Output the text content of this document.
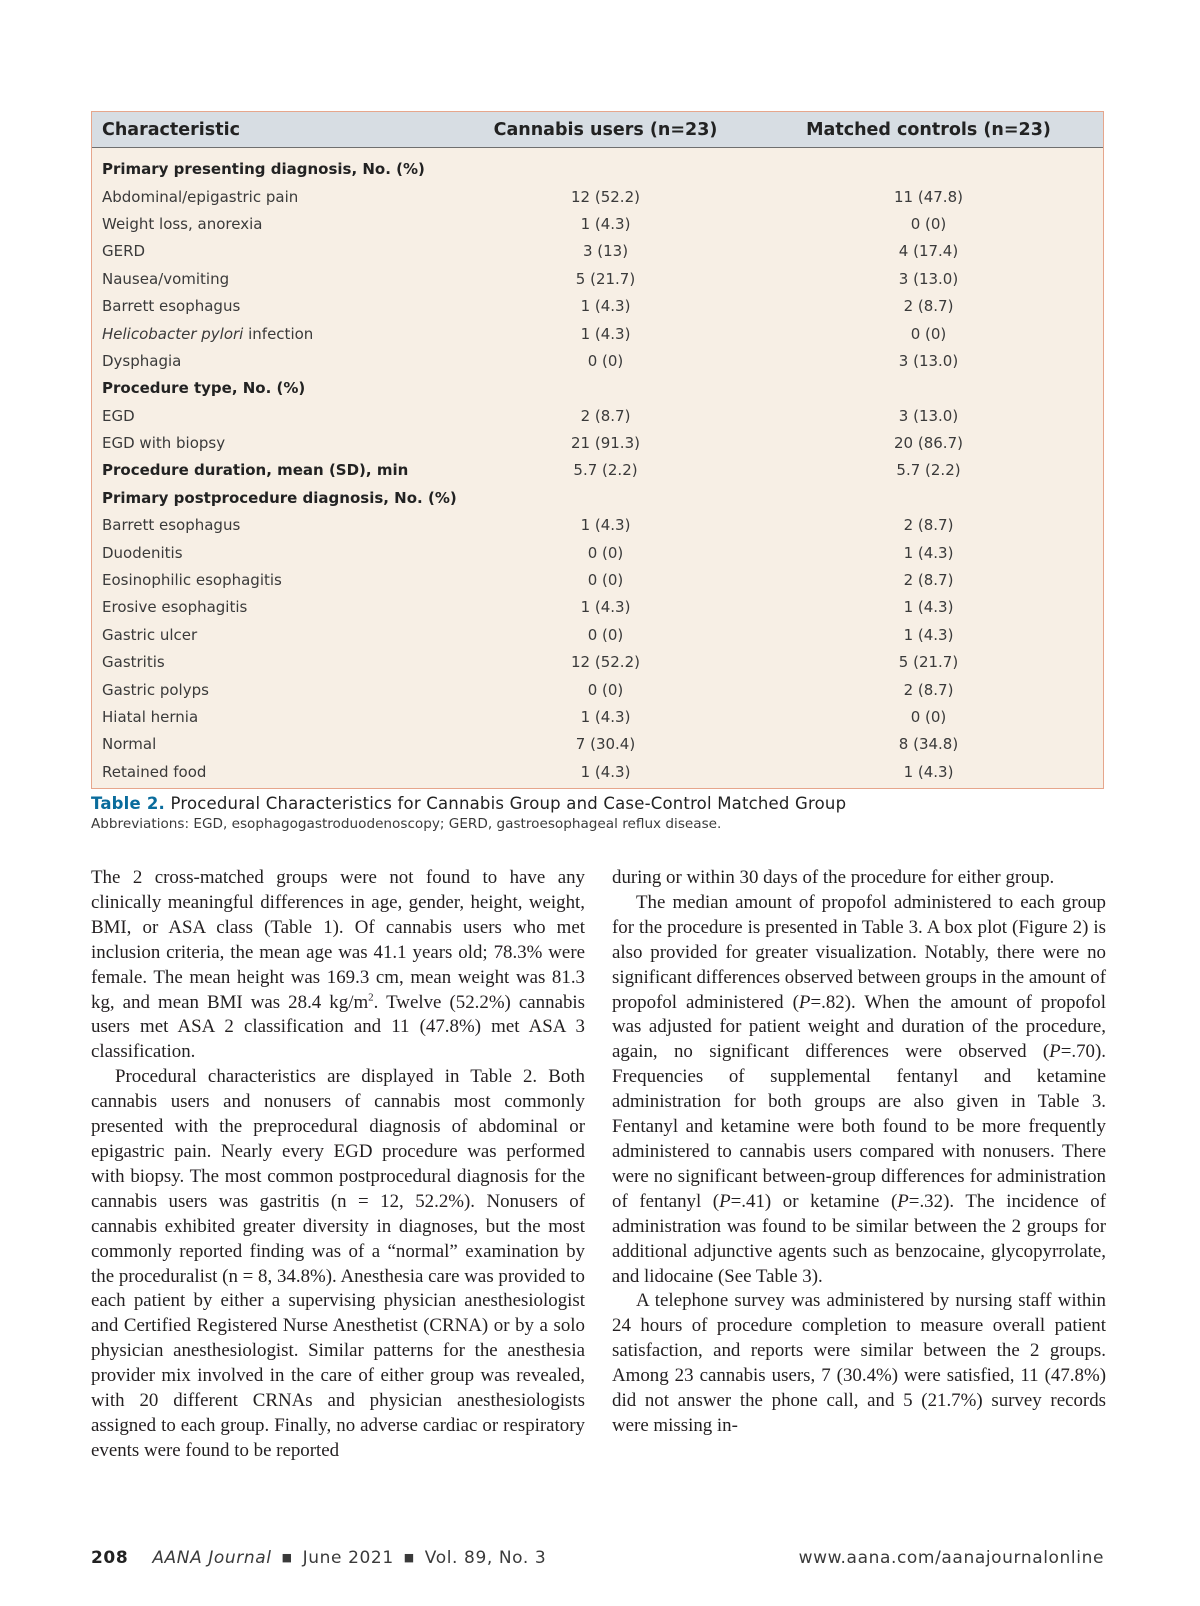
Characteristic	Cannabis users (n=23)	Matched controls (n=23)
Primary presenting diagnosis, No. (%)		
Abdominal/epigastric pain	12 (52.2)	11 (47.8)
Weight loss, anorexia	1 (4.3)	0 (0)
GERD	3 (13)	4 (17.4)
Nausea/vomiting	5 (21.7)	3 (13.0)
Barrett esophagus	1 (4.3)	2 (8.7)
Helicobacter pylori infection	1 (4.3)	0 (0)
Dysphagia	0 (0)	3 (13.0)
Procedure type, No. (%)		
EGD	2 (8.7)	3 (13.0)
EGD with biopsy	21 (91.3)	20 (86.7)
Procedure duration, mean (SD), min	5.7 (2.2)	5.7 (2.2)
Primary postprocedure diagnosis, No. (%)		
Barrett esophagus	1 (4.3)	2 (8.7)
Duodenitis	0 (0)	1 (4.3)
Eosinophilic esophagitis	0 (0)	2 (8.7)
Erosive esophagitis	1 (4.3)	1 (4.3)
Gastric ulcer	0 (0)	1 (4.3)
Gastritis	12 (52.2)	5 (21.7)
Gastric polyps	0 (0)	2 (8.7)
Hiatal hernia	1 (4.3)	0 (0)
Normal	7 (30.4)	8 (34.8)
Retained food	1 (4.3)	1 (4.3)
Table 2. Procedural Characteristics for Cannabis Group and Case-Control Matched Group
Abbreviations: EGD, esophagogastroduodenoscopy; GERD, gastroesophageal reflux disease.

The 2 cross-matched groups were not found to have any clinically meaningful differences in age, gender, height, weight, BMI, or ASA class (Table 1). Of cannabis users who met inclusion criteria, the mean age was 41.1 years old; 78.3% were female. The mean height was 169.3 cm, mean weight was 81.3 kg, and mean BMI was 28.4 $kg/m^2$. Twelve (52.2%) cannabis users met ASA 2 classification and 11 (47.8%) met ASA 3 classification.

Procedural characteristics are displayed in Table 2. Both cannabis users and nonusers of cannabis most commonly presented with the preprocedural diagnosis of abdominal or epigastric pain. Nearly every EGD procedure was performed with biopsy. The most common postprocedural diagnosis for the cannabis users was gastritis (n = 12, 52.2%). Nonusers of cannabis exhibited greater diversity in diagnoses, but the most commonly reported finding was of a “normal” examination by the proceduralist (n = 8, 34.8%). Anesthesia care was provided to each patient by either a supervising physician anesthesiologist and Certified Registered Nurse Anesthetist (CRNA) or by a solo physician anesthesiologist. Similar patterns for the anesthesia provider mix involved in the care of either group was revealed, with 20 different CRNAs and physician anesthesiologists assigned to each group. Finally, no adverse cardiac or respiratory events were found to be reported

during or within 30 days of the procedure for either group.

The median amount of propofol administered to each group for the procedure is presented in Table 3. A box plot (Figure 2) is also provided for greater visualization. Notably, there were no significant differences observed between groups in the amount of propofol administered (P=.82). When the amount of propofol was adjusted for patient weight and duration of the procedure, again, no significant differences were observed (P=.70). Frequencies of supplemental fentanyl and ketamine administration for both groups are also given in Table 3. Fentanyl and ketamine were both found to be more frequently administered to cannabis users compared with nonusers. There were no significant between-group differences for administration of fentanyl (P=.41) or ketamine (P=.32). The incidence of administration was found to be similar between the 2 groups for additional adjunctive agents such as benzocaine, glycopyrrolate, and lidocaine (See Table 3).

A telephone survey was administered by nursing staff within 24 hours of procedure completion to measure overall patient satisfaction, and reports were similar between the 2 groups. Among 23 cannabis users, 7 (30.4%) were satisfied, 11 (47.8%) did not answer the phone call, and 5 (21.7%) survey records were missing in-

208 AANA Journal ■ June 2021 ■ Vol. 89, No. 3	www.aana.com/aanajournalonline
